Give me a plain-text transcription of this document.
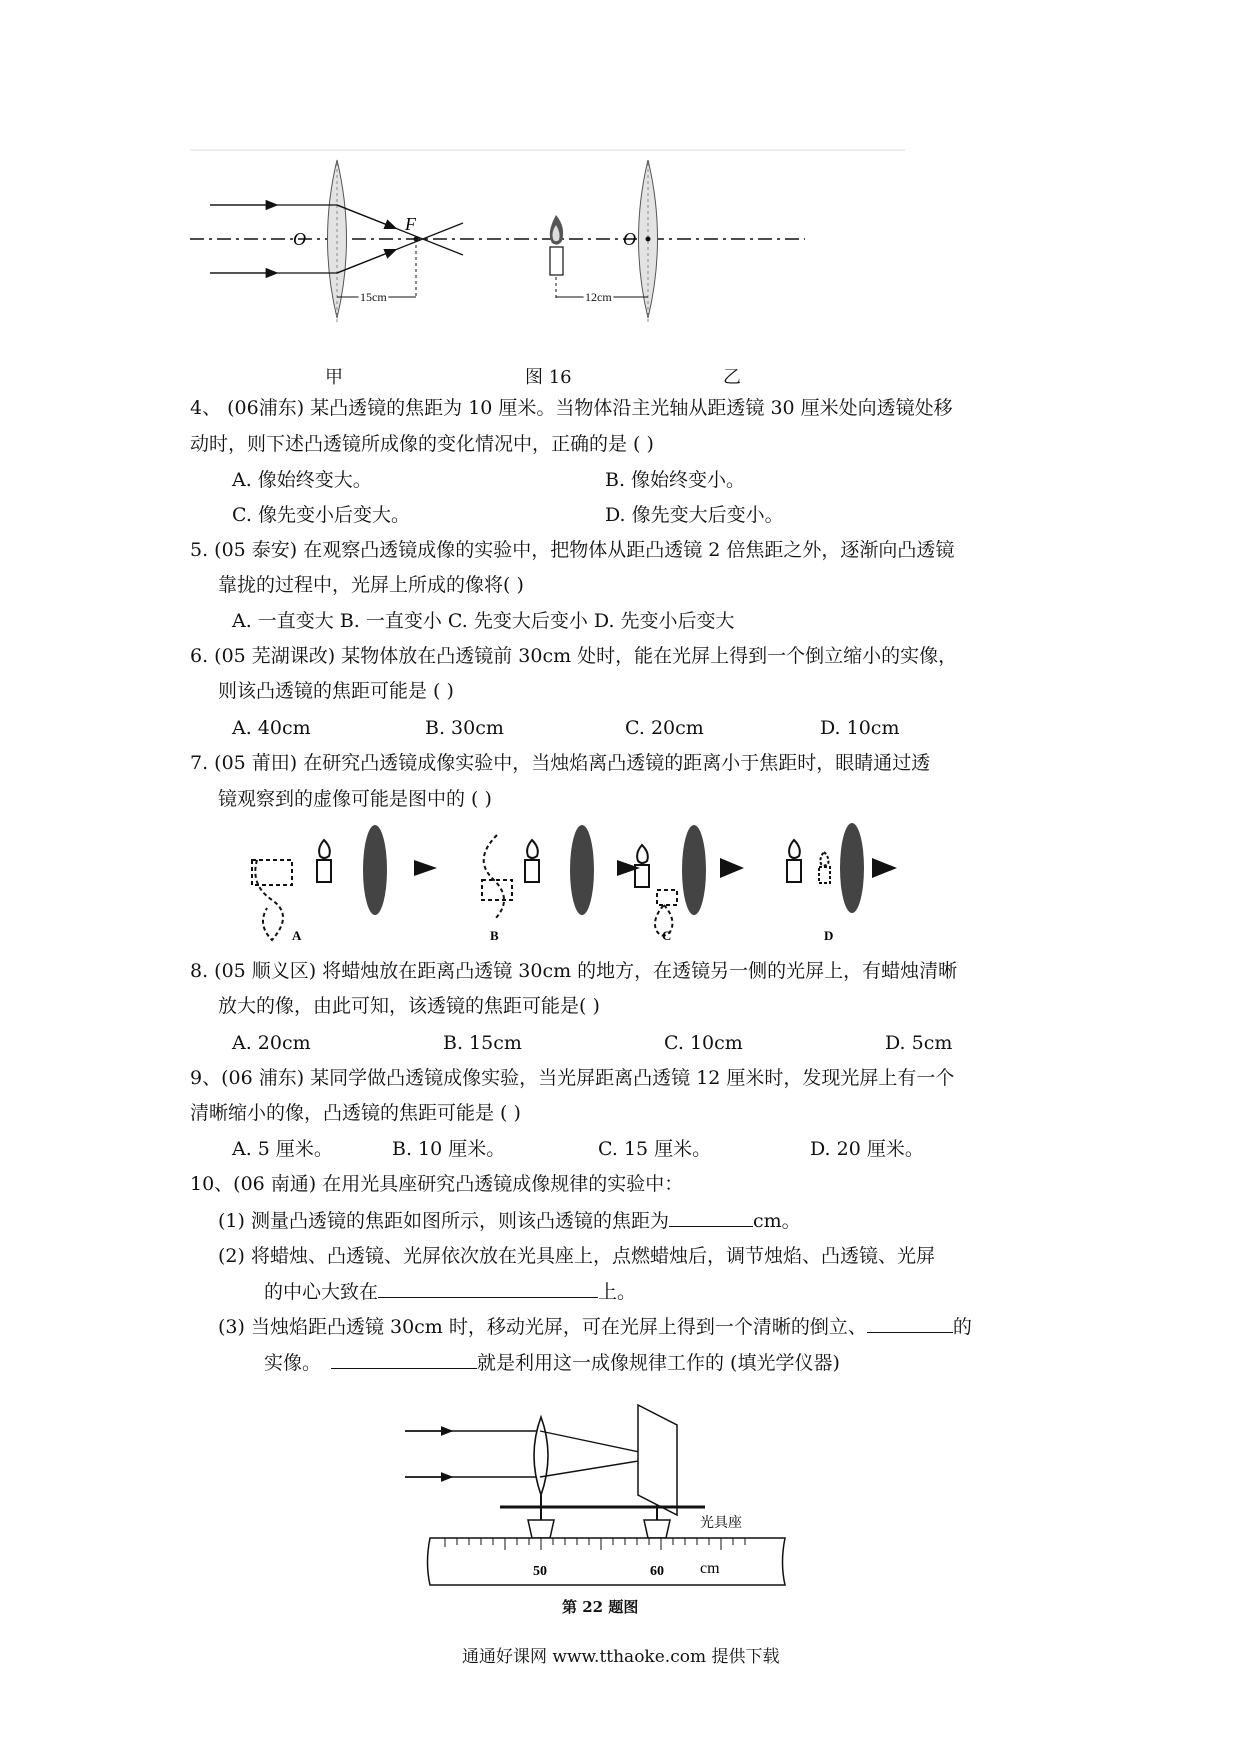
O
F
15cm
O
12cm
甲	图 16	乙
4、 (06浦东) 某凸透镜的焦距为 10 厘米。当物体沿主光轴从距透镜 30 厘米处向透镜处移
动时，则下述凸透镜所成像的变化情况中，正确的是 ( )
A. 像始终变大。	B. 像始终变小。
C. 像先变小后变大。	D. 像先变大后变小。
5. (05 泰安) 在观察凸透镜成像的实验中，把物体从距凸透镜 2 倍焦距之外，逐渐向凸透镜
靠拢的过程中，光屏上所成的像将( )
A. 一直变大 B. 一直变小 C. 先变大后变小 D. 先变小后变大
6. (05 芜湖课改) 某物体放在凸透镜前 30cm 处时，能在光屏上得到一个倒立缩小的实像，
则该凸透镜的焦距可能是 ( )
A. 40cm	B. 30cm	C. 20cm	D. 10cm
7. (05 莆田) 在研究凸透镜成像实验中，当烛焰离凸透镜的距离小于焦距时，眼睛通过透
镜观察到的虚像可能是图中的 ( )
A	B	C	D
8. (05 顺义区) 将蜡烛放在距离凸透镜 30cm 的地方，在透镜另一侧的光屏上，有蜡烛清晰
放大的像，由此可知，该透镜的焦距可能是( )
A. 20cm	B. 15cm	C. 10cm	D. 5cm
9、(06 浦东) 某同学做凸透镜成像实验，当光屏距离凸透镜 12 厘米时，发现光屏上有一个
清晰缩小的像，凸透镜的焦距可能是 ( )
A. 5 厘米。	B. 10 厘米。	C. 15 厘米。	D. 20 厘米。
10、(06 南通) 在用光具座研究凸透镜成像规律的实验中：
(1) 测量凸透镜的焦距如图所示，则该凸透镜的焦距为	cm。
(2) 将蜡烛、凸透镜、光屏依次放在光具座上，点燃蜡烛后，调节烛焰、凸透镜、光屏
的中心大致在	上。
(3) 当烛焰距凸透镜 30cm 时，移动光屏，可在光屏上得到一个清晰的倒立、	的
实像。	就是利用这一成像规律工作的 (填光学仪器)
光具座
50	60 cm
第 22 题图
通通好课网 www.tthaoke.com 提供下载
